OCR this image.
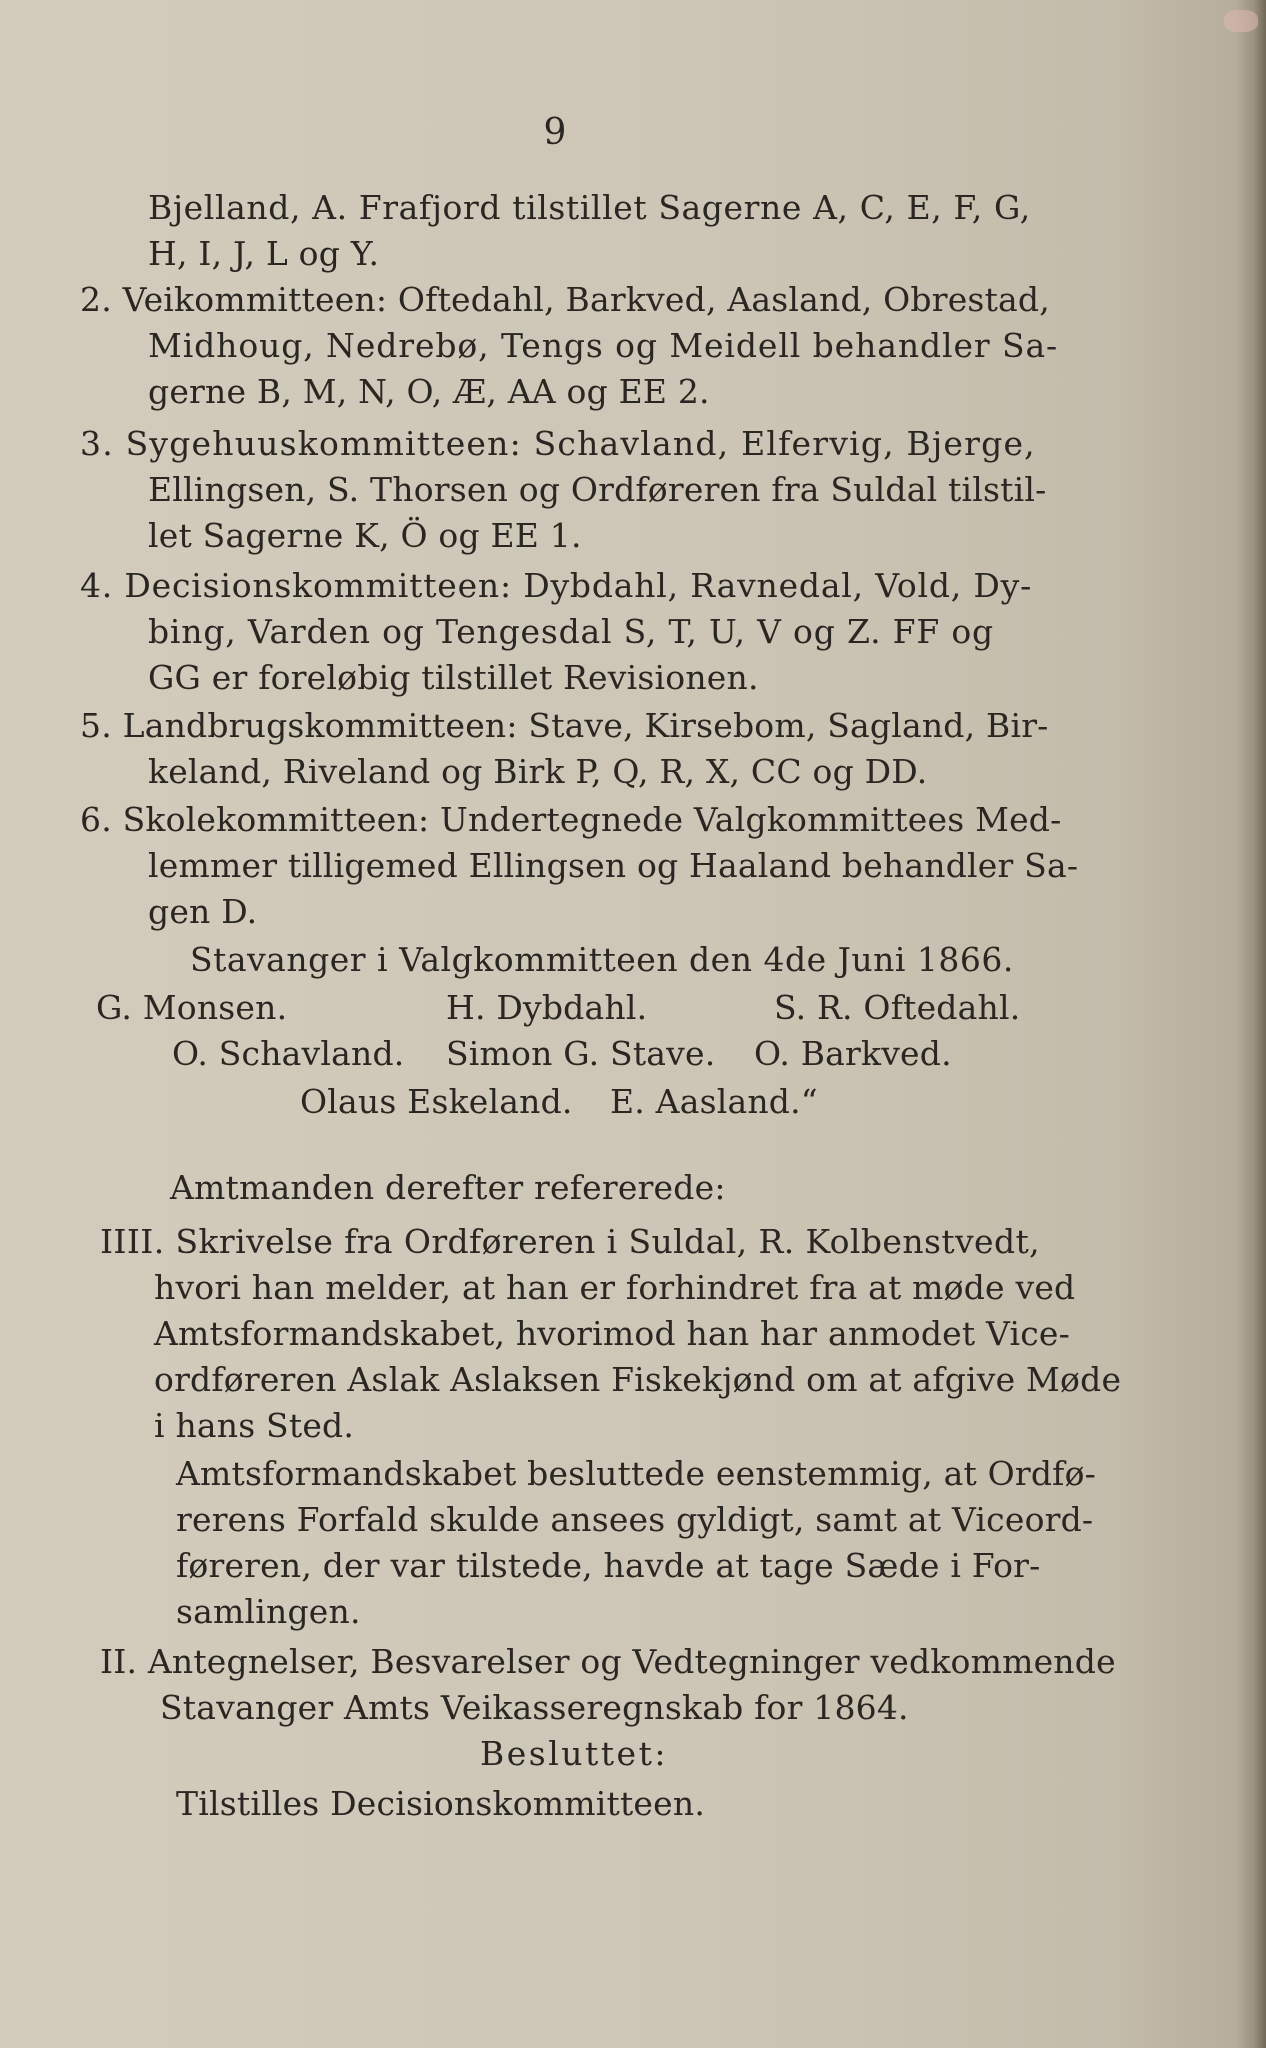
9
Bjelland, A. Frafjord tilstillet Sagerne A, C, E, F, G,
H, I, J, L og Y.
2. Veikommitteen: Oftedahl, Barkved, Aasland, Obrestad,
Midhoug, Nedrebø, Tengs og Meidell behandler Sa-
gerne B, M, N, O, Æ, AA og EE 2.
3. Sygehuuskommitteen: Schavland, Elfervig, Bjerge,
Ellingsen, S. Thorsen og Ordføreren fra Suldal tilstil-
let Sagerne K, Ö og EE 1.
4. Decisionskommitteen: Dybdahl, Ravnedal, Vold, Dy-
bing, Varden og Tengesdal S, T, U, V og Z. FF og
GG er foreløbig tilstillet Revisionen.
5. Landbrugskommitteen: Stave, Kirsebom, Sagland, Bir-
keland, Riveland og Birk P, Q, R, X, CC og DD.
6. Skolekommitteen: Undertegnede Valgkommittees Med-
lemmer tilligemed Ellingsen og Haaland behandler Sa-
gen D.
Stavanger i Valgkommitteen den 4de Juni 1866.
G. Monsen.	H. Dybdahl.	S. R. Oftedahl.
O. Schavland. Simon G. Stave. O. Barkved.
Olaus Eskeland. E. Aasland.“
Amtmanden derefter refererede:
IIII. Skrivelse fra Ordføreren i Suldal, R. Kolbenstvedt,
hvori han melder, at han er forhindret fra at møde ved
Amtsformandskabet, hvorimod han har anmodet Vice-
ordføreren Aslak Aslaksen Fiskekjønd om at afgive Møde
i hans Sted.
Amtsformandskabet besluttede eenstemmig, at Ordfø-
rerens Forfald skulde ansees gyldigt, samt at Viceord-
føreren, der var tilstede, havde at tage Sæde i For-
samlingen.
II. Antegnelser, Besvarelser og Vedtegninger vedkommende
Stavanger Amts Veikasseregnskab for 1864.
Besluttet:
Tilstilles Decisionskommitteen.
